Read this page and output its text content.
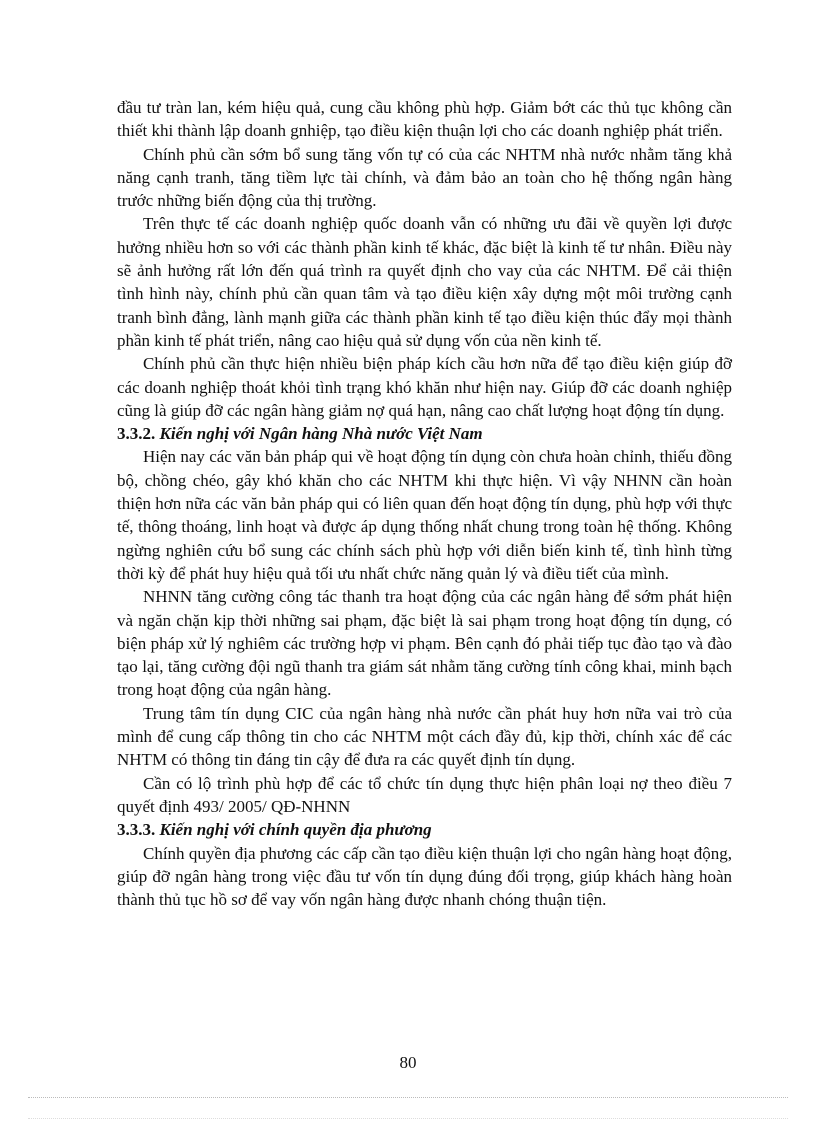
đầu tư tràn lan, kém hiệu quả, cung cầu không phù hợp. Giảm bớt các thủ tục không cần thiết khi thành lập doanh gnhiệp, tạo điều kiện thuận lợi cho các doanh nghiệp phát triển.

Chính phủ cần sớm bổ sung tăng vốn tự có của các NHTM nhà nước nhằm tăng khả năng cạnh tranh, tăng tiềm lực tài chính, và đảm bảo an toàn cho hệ thống ngân hàng trước những biến động của thị trường.

Trên thực tế các doanh nghiệp quốc doanh vẫn có những ưu đãi về quyền lợi được hưởng nhiều hơn so với các thành phần kinh tế khác, đặc biệt là kinh tế tư nhân. Điều này sẽ ảnh hưởng rất lớn đến quá trình ra quyết định cho vay của các NHTM. Để cải thiện tình hình này, chính phủ cần quan tâm và tạo điều kiện xây dựng một môi trường cạnh tranh bình đẳng, lành mạnh giữa các thành phần kinh tế tạo điều kiện thúc đẩy mọi thành phần kinh tế phát triển, nâng cao hiệu quả sử dụng vốn của nền kinh tế.

Chính phủ cần thực hiện nhiều biện pháp kích cầu hơn nữa để tạo điều kiện giúp đỡ các doanh nghiệp thoát khỏi tình trạng khó khăn như hiện nay. Giúp đỡ các doanh nghiệp cũng là giúp đỡ các ngân hàng giảm nợ quá hạn, nâng cao chất lượng hoạt động tín dụng.

3.3.2. Kiến nghị với Ngân hàng Nhà nước Việt Nam

Hiện nay các văn bản pháp qui về hoạt động tín dụng còn chưa hoàn chỉnh, thiếu đồng bộ, chồng chéo, gây khó khăn cho các NHTM khi thực hiện. Vì vậy NHNN cần hoàn thiện hơn nữa các văn bản pháp qui có liên quan đến hoạt động tín dụng, phù hợp với thực tế, thông thoáng, linh hoạt và được áp dụng thống nhất chung trong toàn hệ thống. Không ngừng nghiên cứu bổ sung các chính sách phù hợp với diễn biến kinh tế, tình hình từng thời kỳ để phát huy hiệu quả tối ưu nhất chức năng quản lý và điều tiết của mình.

NHNN tăng cường công tác thanh tra hoạt động của các ngân hàng để sớm phát hiện và ngăn chặn kịp thời những sai phạm, đặc biệt là sai phạm trong hoạt động tín dụng, có biện pháp xử lý nghiêm các trường hợp vi phạm. Bên cạnh đó phải tiếp tục đào tạo và đào tạo lại, tăng cường đội ngũ thanh tra giám sát nhằm tăng cường tính công khai, minh bạch trong hoạt động của ngân hàng.

Trung tâm tín dụng CIC của ngân hàng nhà nước cần phát huy hơn nữa vai trò của mình để cung cấp thông tin cho các NHTM một cách đầy đủ, kịp thời, chính xác để các NHTM có thông tin đáng tin cậy để đưa ra các quyết định tín dụng.

Cần có lộ trình phù hợp để các tổ chức tín dụng thực hiện phân loại nợ theo điều 7 quyết định 493/ 2005/ QĐ-NHNN

3.3.3. Kiến nghị với chính quyền địa phương

Chính quyền địa phương các cấp cần tạo điều kiện thuận lợi cho ngân hàng hoạt động, giúp đỡ ngân hàng trong việc đầu tư vốn tín dụng đúng đối trọng, giúp khách hàng hoàn thành thủ tục hồ sơ để vay vốn ngân hàng được nhanh chóng thuận tiện.

80
